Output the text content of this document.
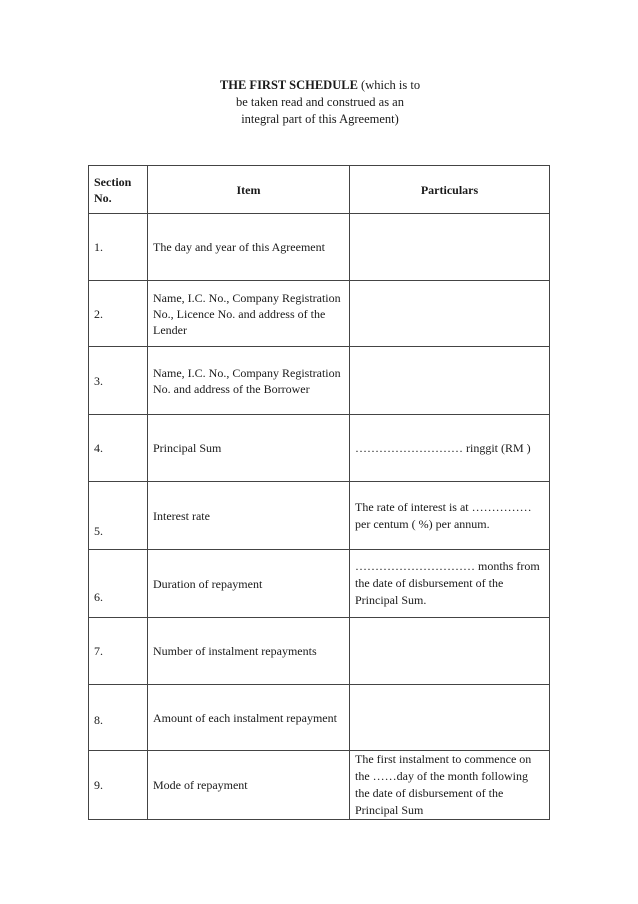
THE FIRST SCHEDULE (which is to
be taken read and construed as an
integral part of this Agreement)
Section No.	Item	Particulars
1.	The day and year of this Agreement	
2.	Name, I.C. No., Company Registration No., Licence No. and address of the Lender	
3.	Name, I.C. No., Company Registration No. and address of the Borrower	
4.	Principal Sum	……………………… ringgit (RM )
5.	Interest rate	The rate of interest is at …………… per centum ( %) per annum.
6.	Duration of repayment	………………………… months from the date of disbursement of the Principal Sum.
7.	Number of instalment repayments	
8.	Amount of each instalment repayment	
9.	Mode of repayment	The first instalment to commence on the ……day of the month following the date of disbursement of the Principal Sum
